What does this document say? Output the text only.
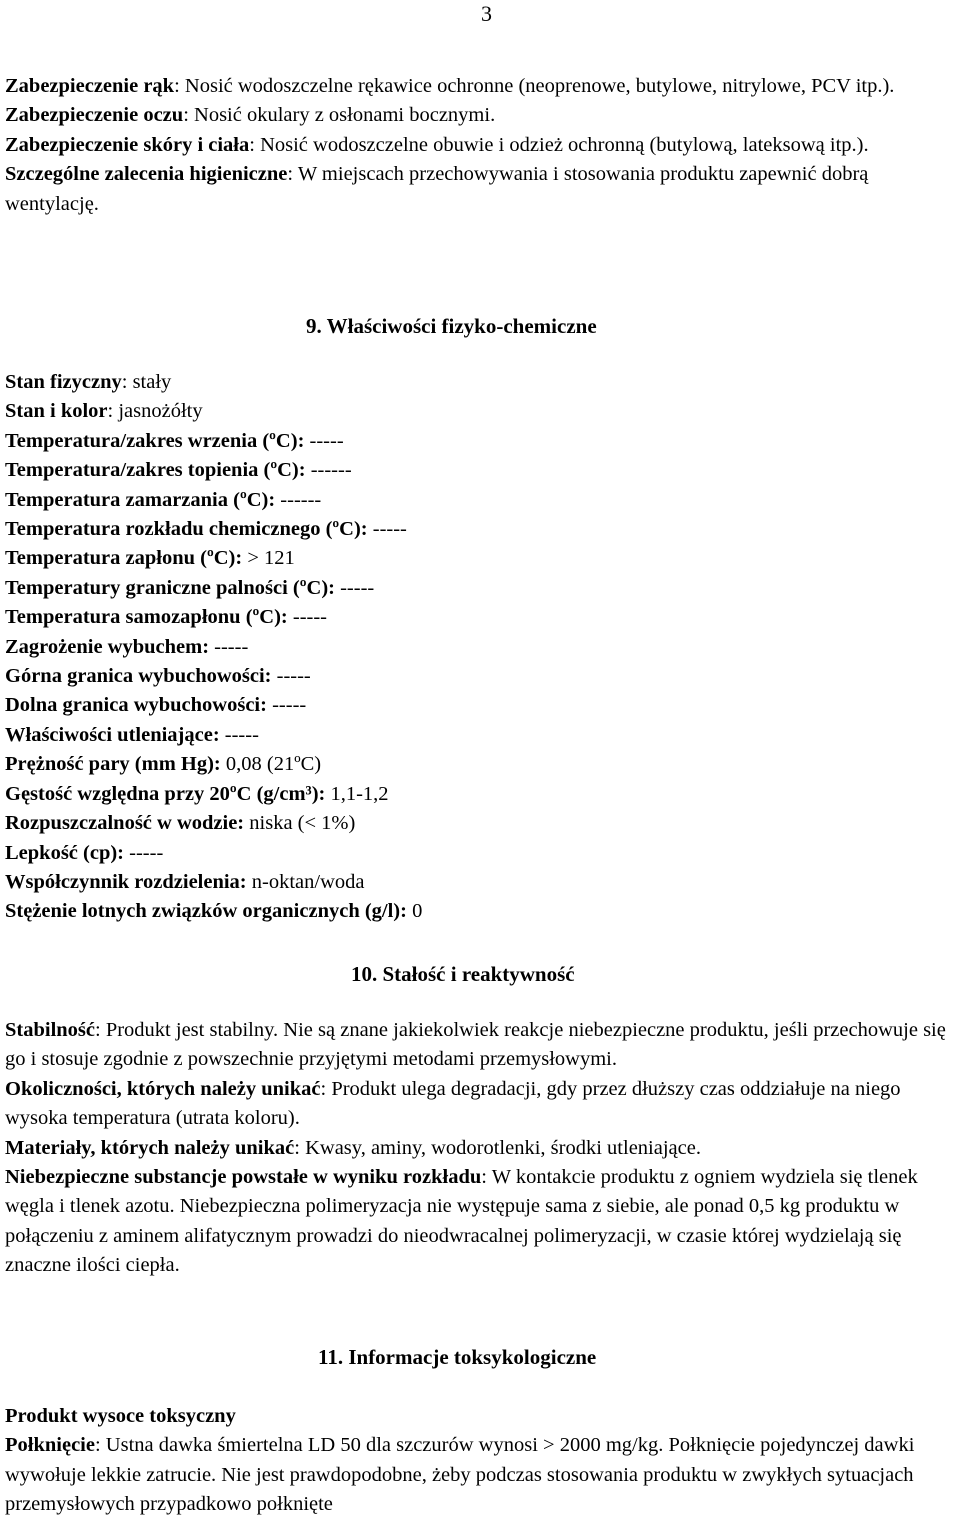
3

Zabezpieczenie rąk: Nosić wodoszczelne rękawice ochronne (neoprenowe, butylowe, nitrylowe, PCV itp.).

Zabezpieczenie oczu: Nosić okulary z osłonami bocznymi.

Zabezpieczenie skóry i ciała: Nosić wodoszczelne obuwie i odzież ochronną (butylową, lateksową itp.).

Szczególne zalecenia higieniczne: W miejscach przechowywania i stosowania produktu zapewnić dobrą wentylację.

9. Właściwości fizyko-chemiczne

Stan fizyczny: stały

Stan i kolor: jasnożółty

Temperatura/zakres wrzenia (ºC): -----

Temperatura/zakres topienia (ºC): ------

Temperatura zamarzania (ºC): ------

Temperatura rozkładu chemicznego (ºC): -----

Temperatura zapłonu (ºC): > 121

Temperatury graniczne palności (ºC): -----

Temperatura samozapłonu (ºC): -----

Zagrożenie wybuchem: -----

Górna granica wybuchowości: -----

Dolna granica wybuchowości: -----

Właściwości utleniające: -----

Prężność pary (mm Hg): 0,08 (21ºC)

Gęstość względna przy 20ºC (g/cm³): 1,1-1,2

Rozpuszczalność w wodzie: niska (< 1%)

Lepkość (cp): -----

Współczynnik rozdzielenia: n-oktan/woda

Stężenie lotnych związków organicznych (g/l): 0

10. Stałość i reaktywność

Stabilność: Produkt jest stabilny. Nie są znane jakiekolwiek reakcje niebezpieczne produktu, jeśli przechowuje się go i stosuje zgodnie z powszechnie przyjętymi metodami przemysłowymi.

Okoliczności, których należy unikać: Produkt ulega degradacji, gdy przez dłuższy czas oddziałuje na niego wysoka temperatura (utrata koloru).

Materiały, których należy unikać: Kwasy, aminy, wodorotlenki, środki utleniające.

Niebezpieczne substancje powstałe w wyniku rozkładu: W kontakcie produktu z ogniem wydziela się tlenek węgla i tlenek azotu. Niebezpieczna polimeryzacja nie występuje sama z siebie, ale ponad 0,5 kg produktu w połączeniu z aminem alifatycznym prowadzi do nieodwracalnej polimeryzacji, w czasie której wydzielają się znaczne ilości ciepła.

11. Informacje toksykologiczne

Produkt wysoce toksyczny

Połknięcie: Ustna dawka śmiertelna LD 50 dla szczurów wynosi > 2000 mg/kg. Połknięcie pojedynczej dawki wywołuje lekkie zatrucie. Nie jest prawdopodobne, żeby podczas stosowania produktu w zwykłych sytuacjach przemysłowych przypadkowo połknięte
